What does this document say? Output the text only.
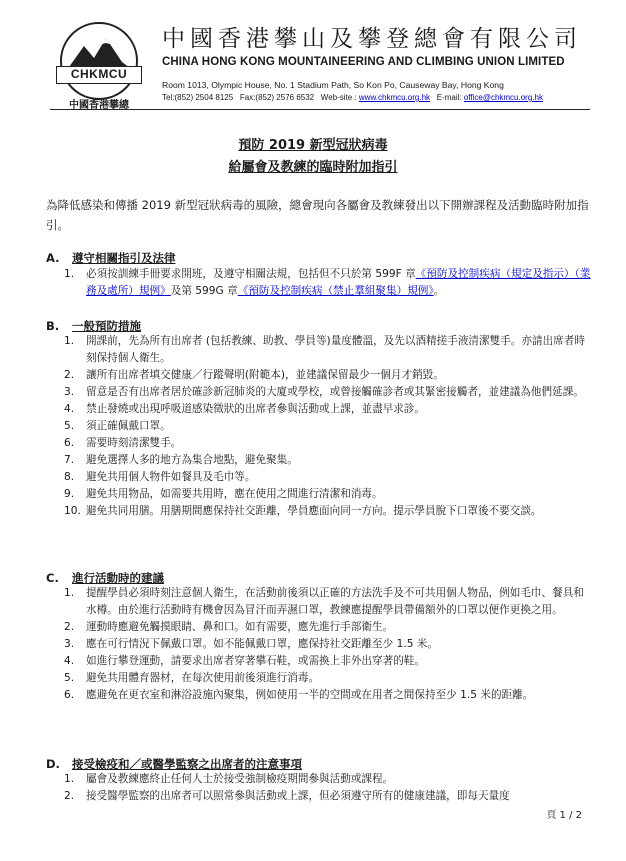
CHKMCU
中國香港攀總
中國香港攀山及攀登總會有限公司
CHINA HONG KONG MOUNTAINEERING AND CLIMBING UNION LIMITED
Room 1013, Olympic House, No. 1 Stadium Path, So Kon Po, Causeway Bay, Hong Kong
Tel:(852) 2504 8125 Fax:(852) 2576 6532 Web-site : www.chkmcu.org.hk E-mail: office@chkmcu.org.hk
預防 2019 新型冠狀病毒
給屬會及教練的臨時附加指引
為降低感染和傳播 2019 新型冠狀病毒的風險，總會現向各屬會及教練發出以下開辦課程及活動臨時附加指引。
A. 遵守相關指引及法律
1. 必須按訓練手冊要求開班，及遵守相關法規，包括但不只於第 599F 章《預防及控制疾病（規定及指示）（業務及處所）規例》及第 599G 章《預防及控制疾病（禁止羣組聚集）規例》。
B. 一般預防措施
1. 開課前，先為所有出席者 (包括教練、助教、學員等)量度體溫，及先以酒精搓手液清潔雙手。亦請出席者時刻保持個人衛生。
2. 讓所有出席者填交健康／行蹤聲明(附範本)，並建議保留最少一個月才銷毀。
3. 留意是否有出席者居於確診新冠肺炎的大廈或學校，或曾接觸確診者或其緊密接觸者，並建議為他們延課。
4. 禁止發燒或出現呼吸道感染徵狀的出席者參與活動或上課，並盡早求診。
5. 須正確佩戴口罩。
6. 需要時刻清潔雙手。
7. 避免選擇人多的地方為集合地點，避免聚集。
8. 避免共用個人物件如餐具及毛巾等。
9. 避免共用物品，如需要共用時，應在使用之間進行清潔和消毒。
10. 避免共同用膳。用膳期間應保持社交距離，學員應面向同一方向。提示學員脫下口罩後不要交談。
C. 進行活動時的建議
1. 提醒學員必須時刻注意個人衛生，在活動前後須以正確的方法洗手及不可共用個人物品，例如毛巾、餐具和水樽。由於進行活動時有機會因為冒汗而弄濕口罩，教練應提醒學員帶備額外的口罩以便作更換之用。
2. 運動時應避免觸摸眼睛、鼻和口。如有需要，應先進行手部衛生。
3. 應在可行情況下佩戴口罩。如不能佩戴口罩，應保持社交距離至少 1.5 米。
4. 如進行攀登運動，請要求出席者穿著攀石鞋，或需換上非外出穿著的鞋。
5. 避免共用體育器材，在每次使用前後須進行消毒。
6. 應避免在更衣室和淋浴設施內聚集，例如使用一半的空間或在用者之間保持至少 1.5 米的距離。
D. 接受檢疫和／或醫學監察之出席者的注意事項
1. 屬會及教練應終止任何人士於接受強制檢疫期間參與活動或課程。
2. 接受醫學監察的出席者可以照常參與活動或上課，但必須遵守所有的健康建議，即每天量度
頁 1 / 2
